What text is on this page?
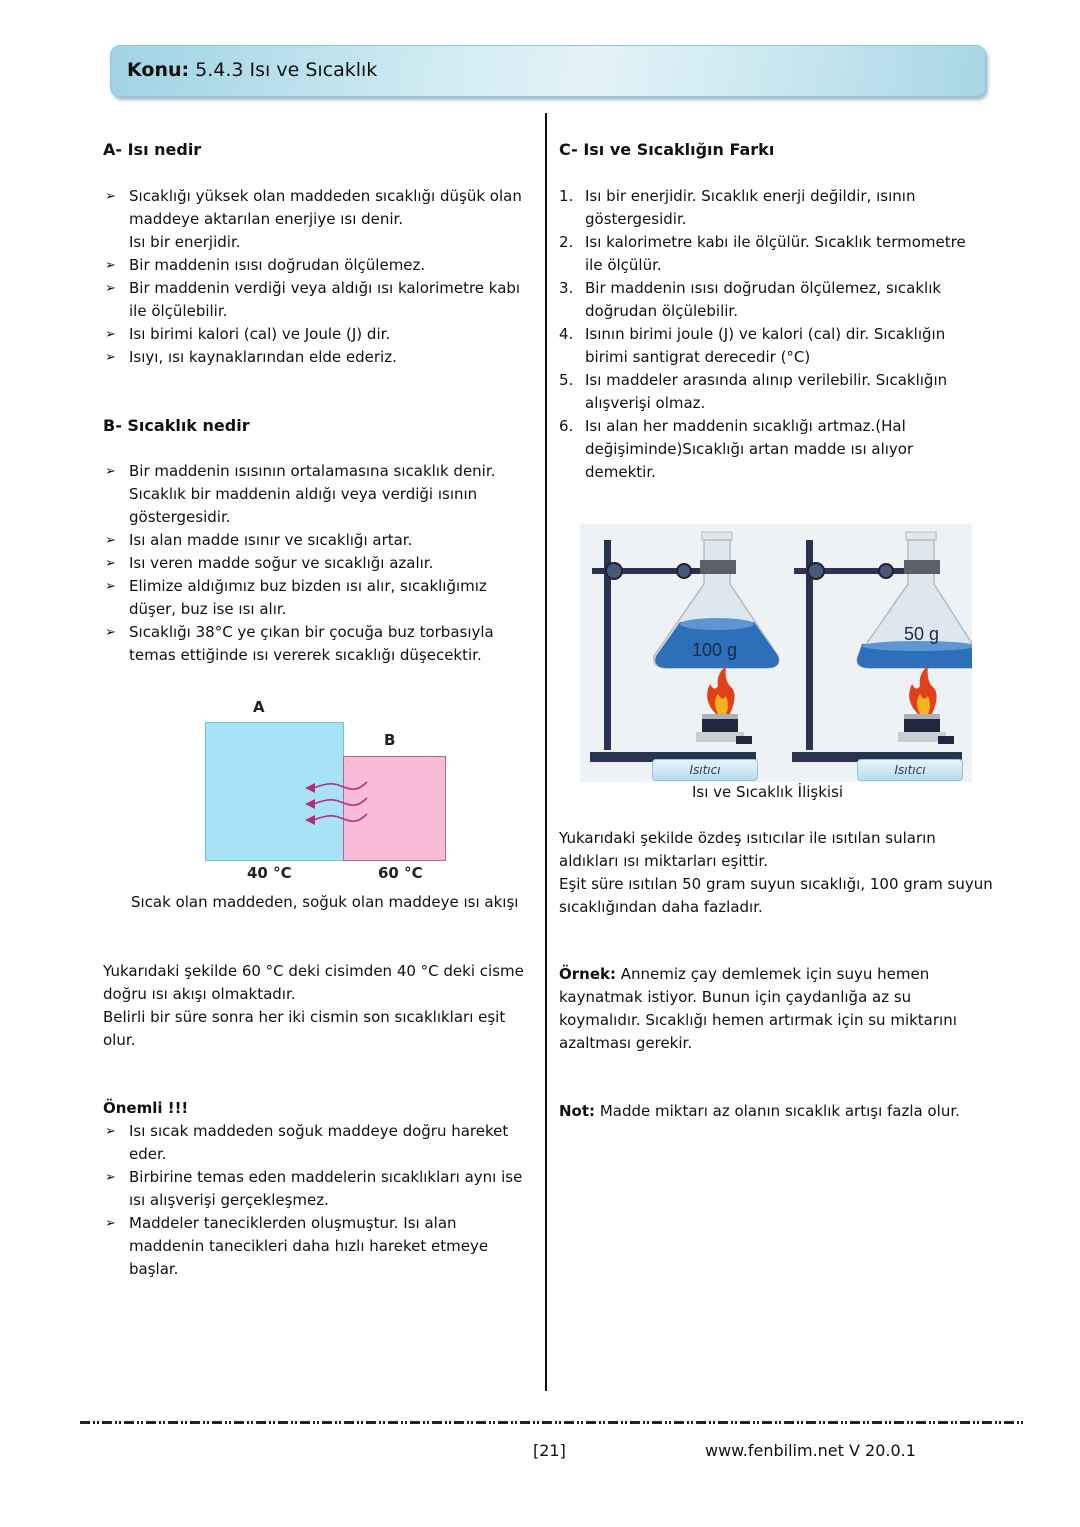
Konu: 5.4.3 Isı ve Sıcaklık
A- Isı nedir
➢ Sıcaklığı yüksek olan maddeden sıcaklığı düşük olan maddeye aktarılan enerjiye ısı denir.
Isı bir enerjidir.
➢ Bir maddenin ısısı doğrudan ölçülemez.
➢ Bir maddenin verdiği veya aldığı ısı kalorimetre kabı ile ölçülebilir.
➢ Isı birimi kalori (cal) ve Joule (J) dir.
➢ Isıyı, ısı kaynaklarından elde ederiz.
B- Sıcaklık nedir
➢ Bir maddenin ısısının ortalamasına sıcaklık denir. Sıcaklık bir maddenin aldığı veya verdiği ısının göstergesidir.
➢ Isı alan madde ısınır ve sıcaklığı artar.
➢ Isı veren madde soğur ve sıcaklığı azalır.
➢ Elimize aldığımız buz bizden ısı alır, sıcaklığımız düşer, buz ise ısı alır.
➢ Sıcaklığı 38°C ye çıkan bir çocuğa buz torbasıyla temas ettiğinde ısı vererek sıcaklığı düşecektir.
A
B
40 °C	60 °C
Sıcak olan maddeden, soğuk olan maddeye ısı akışı
Yukarıdaki şekilde 60 °C deki cisimden 40 °C deki cisme doğru ısı akışı olmaktadır.
Belirli bir süre sonra her iki cismin son sıcaklıkları eşit olur.
Önemli !!!
➢ Isı sıcak maddeden soğuk maddeye doğru hareket eder.
➢ Birbirine temas eden maddelerin sıcaklıkları aynı ise ısı alışverişi gerçekleşmez.
➢ Maddeler taneciklerden oluşmuştur. Isı alan maddenin tanecikleri daha hızlı hareket etmeye başlar.
C- Isı ve Sıcaklığın Farkı
1. Isı bir enerjidir. Sıcaklık enerji değildir, ısının göstergesidir.
2. Isı kalorimetre kabı ile ölçülür. Sıcaklık termometre ile ölçülür.
3. Bir maddenin ısısı doğrudan ölçülemez, sıcaklık doğrudan ölçülebilir.
4. Isının birimi joule (J) ve kalori (cal) dir. Sıcaklığın birimi santigrat derecedir (°C)
5. Isı maddeler arasında alınıp verilebilir. Sıcaklığın alışverişi olmaz.
6. Isı alan her maddenin sıcaklığı artmaz.(Hal değişiminde)Sıcaklığı artan madde ısı alıyor demektir.
100 g
50 g
Isıtıcı	Isıtıcı
Isı ve Sıcaklık İlişkisi
Yukarıdaki şekilde özdeş ısıtıcılar ile ısıtılan suların aldıkları ısı miktarları eşittir.
Eşit süre ısıtılan 50 gram suyun sıcaklığı, 100 gram suyun sıcaklığından daha fazladır.
Örnek: Annemiz çay demlemek için suyu hemen kaynatmak istiyor. Bunun için çaydanlığa az su koymalıdır. Sıcaklığı hemen artırmak için su miktarını azaltması gerekir.
Not: Madde miktarı az olanın sıcaklık artışı fazla olur.
[21]	www.fenbilim.net V 20.0.1
